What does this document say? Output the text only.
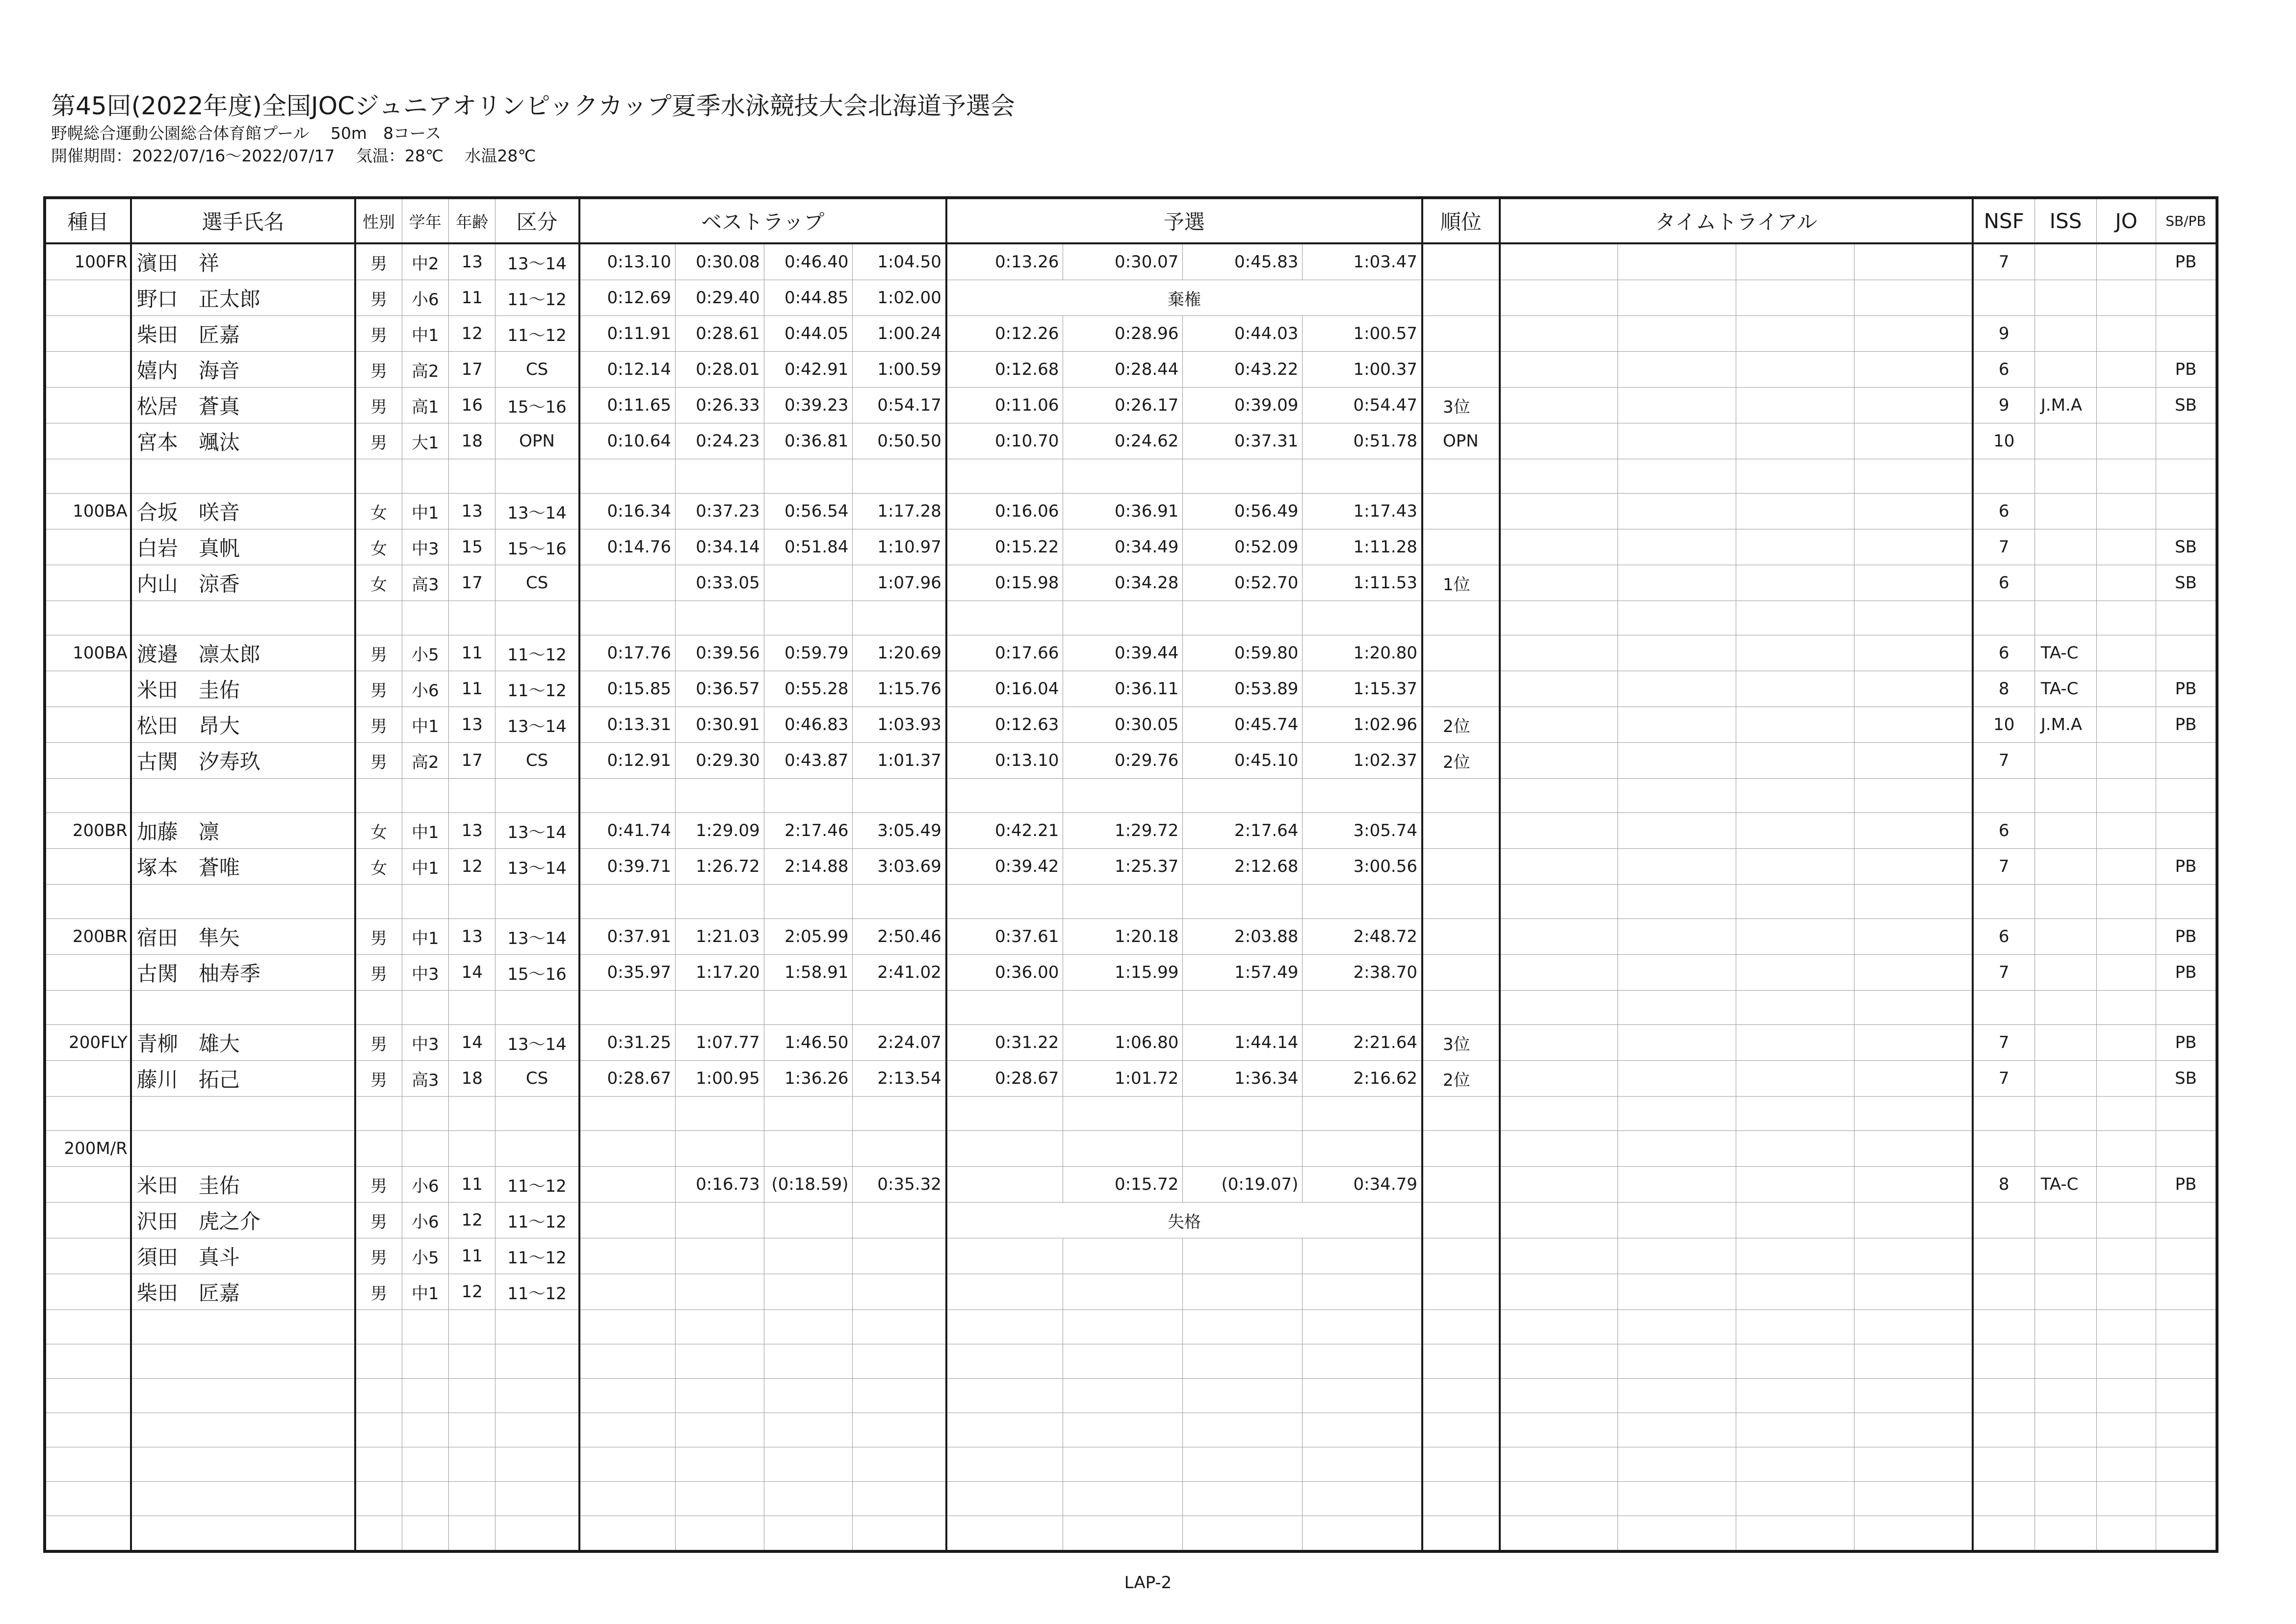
第45回(2022年度)全国JOCジュニアオリンピックカップ夏季水泳競技大会北海道予選会
野幌総合運動公園総合体育館プール　 50m　8コース
開催期間：2022/07/16～2022/07/17　 気温：28℃　 水温28℃
種目	選手氏名	性別	学年	年齢	区分	ベストラップ				予選				順位	タイムトライアル				NSF	ISS	JO	SB/PB
100FR	濱田　祥	男	中2	13	13～14	0:13.10	0:30.08	0:46.40	1:04.50	0:13.26	0:30.07	0:45.83	1:03.47						7			PB
	野口　正太郎	男	小6	11	11～12	0:12.69	0:29.40	0:44.85	1:02.00	棄権												
	柴田　匠嘉	男	中1	12	11～12	0:11.91	0:28.61	0:44.05	1:00.24	0:12.26	0:28.96	0:44.03	1:00.57						9			
	嬉内　海音	男	高2	17	CS	0:12.14	0:28.01	0:42.91	1:00.59	0:12.68	0:28.44	0:43.22	1:00.37						6			PB
	松居　蒼真	男	高1	16	15～16	0:11.65	0:26.33	0:39.23	0:54.17	0:11.06	0:26.17	0:39.09	0:54.47	3位					9	J.M.A		SB
	宮本　颯汰	男	大1	18	OPN	0:10.64	0:24.23	0:36.81	0:50.50	0:10.70	0:24.62	0:37.31	0:51.78	OPN					10			

100BA	合坂　咲音	女	中1	13	13～14	0:16.34	0:37.23	0:56.54	1:17.28	0:16.06	0:36.91	0:56.49	1:17.43						6			
	白岩　真帆	女	中3	15	15～16	0:14.76	0:34.14	0:51.84	1:10.97	0:15.22	0:34.49	0:52.09	1:11.28						7			SB
	内山　涼香	女	高3	17	CS		0:33.05		1:07.96	0:15.98	0:34.28	0:52.70	1:11.53	1位					6			SB

100BA	渡邉　凛太郎	男	小5	11	11～12	0:17.76	0:39.56	0:59.79	1:20.69	0:17.66	0:39.44	0:59.80	1:20.80						6	TA-C		
	米田　圭佑	男	小6	11	11～12	0:15.85	0:36.57	0:55.28	1:15.76	0:16.04	0:36.11	0:53.89	1:15.37						8	TA-C		PB
	松田　昂大	男	中1	13	13～14	0:13.31	0:30.91	0:46.83	1:03.93	0:12.63	0:30.05	0:45.74	1:02.96	2位					10	J.M.A		PB
	古関　汐寿玖	男	高2	17	CS	0:12.91	0:29.30	0:43.87	1:01.37	0:13.10	0:29.76	0:45.10	1:02.37	2位					7			

200BR	加藤　凛	女	中1	13	13～14	0:41.74	1:29.09	2:17.46	3:05.49	0:42.21	1:29.72	2:17.64	3:05.74						6			
	塚本　蒼唯	女	中1	12	13～14	0:39.71	1:26.72	2:14.88	3:03.69	0:39.42	1:25.37	2:12.68	3:00.56						7			PB

200BR	宿田　隼矢	男	中1	13	13～14	0:37.91	1:21.03	2:05.99	2:50.46	0:37.61	1:20.18	2:03.88	2:48.72						6			PB
	古関　柚寿季	男	中3	14	15～16	0:35.97	1:17.20	1:58.91	2:41.02	0:36.00	1:15.99	1:57.49	2:38.70						7			PB

200FLY	青柳　雄大	男	中3	14	13～14	0:31.25	1:07.77	1:46.50	2:24.07	0:31.22	1:06.80	1:44.14	2:21.64	3位					7			PB
	藤川　拓己	男	高3	18	CS	0:28.67	1:00.95	1:36.26	2:13.54	0:28.67	1:01.72	1:36.34	2:16.62	2位					7			SB

200M/R																						
	米田　圭佑	男	小6	11	11～12		0:16.73	(0:18.59)	0:35.32		0:15.72	(0:19.07)	0:34.79						8	TA-C		PB
	沢田　虎之介	男	小6	12	11～12					失格												
	須田　真斗	男	小5	11	11～12																	
	柴田　匠嘉	男	中1	12	11～12																	

LAP-2
